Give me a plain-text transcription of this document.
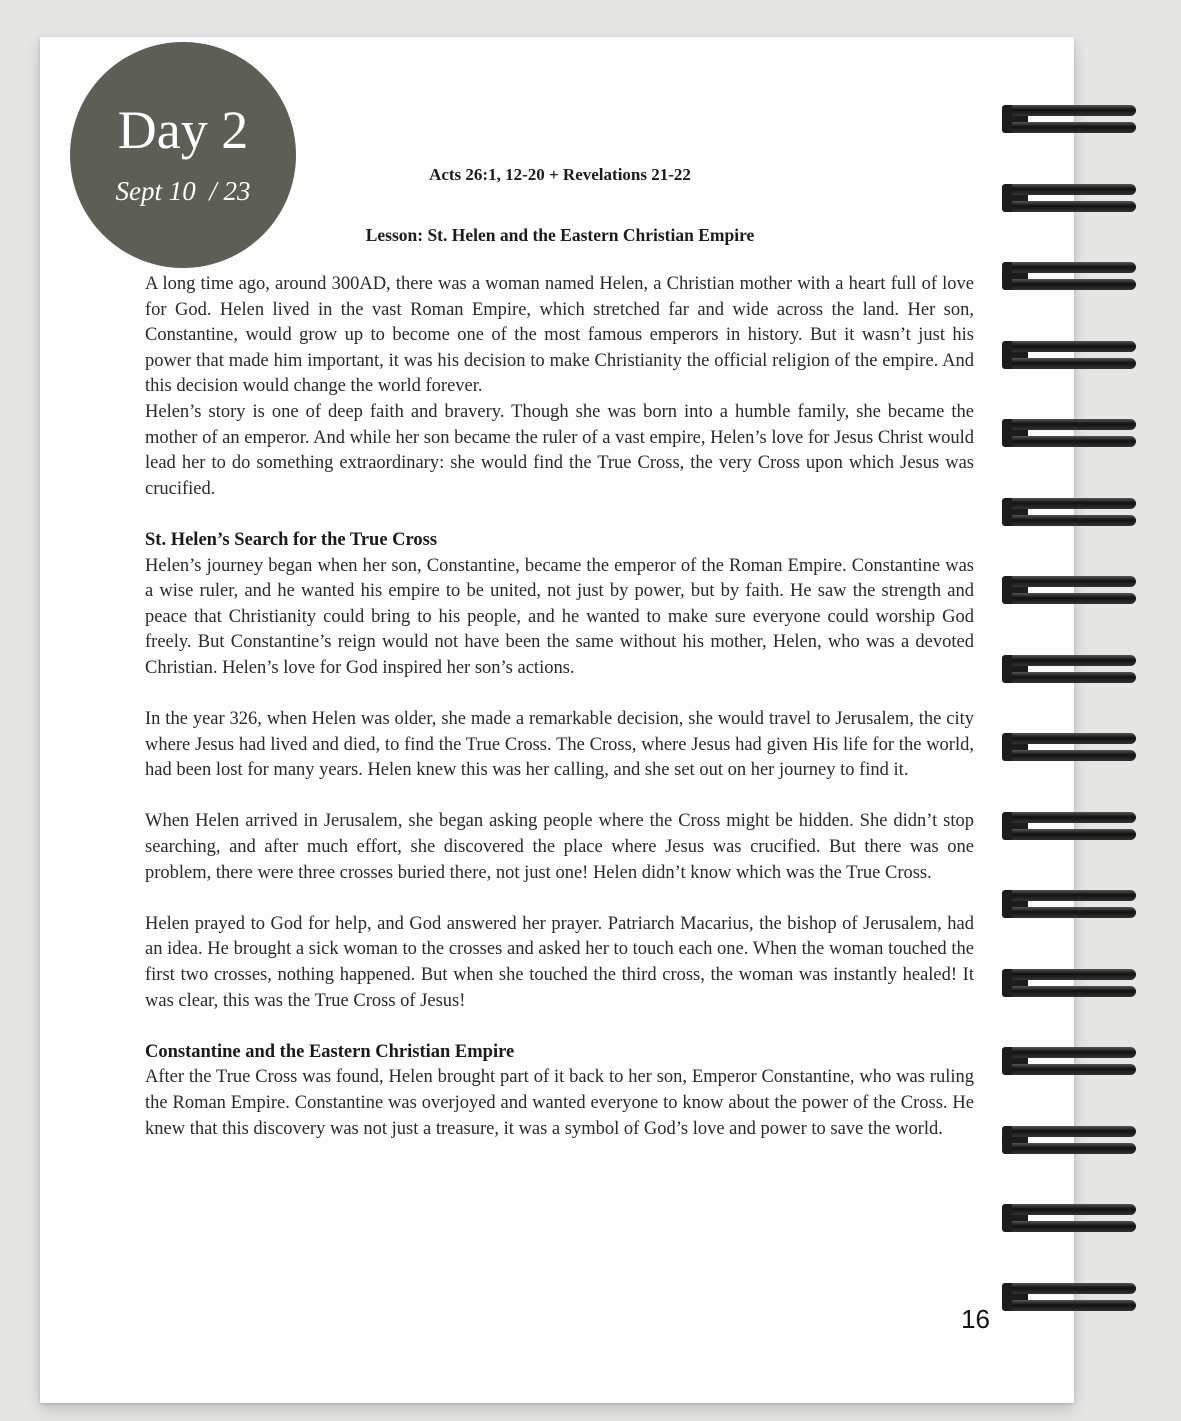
Day 2
Sept 10  / 23
Acts 26:1, 12-20 + Revelations 21-22
Lesson: St. Helen and the Eastern Christian Empire

A long time ago, around 300AD, there was a woman named Helen, a Christian mother with a heart full of love for God. Helen lived in the vast Roman Empire, which stretched far and wide across the land. Her son, Constantine, would grow up to become one of the most famous emperors in history. But it wasn’t just his power that made him important, it was his decision to make Christianity the official religion of the empire. And this decision would change the world forever.

Helen’s story is one of deep faith and bravery. Though she was born into a humble family, she became the mother of an emperor. And while her son became the ruler of a vast empire, Helen’s love for Jesus Christ would lead her to do something extraordinary: she would find the True Cross, the very Cross upon which Jesus was crucified.

St. Helen’s Search for the True Cross

Helen’s journey began when her son, Constantine, became the emperor of the Roman Empire. Constantine was a wise ruler, and he wanted his empire to be united, not just by power, but by faith. He saw the strength and peace that Christianity could bring to his people, and he wanted to make sure everyone could worship God freely. But Constantine’s reign would not have been the same without his mother, Helen, who was a devoted Christian. Helen’s love for God inspired her son’s actions.

In the year 326, when Helen was older, she made a remarkable decision, she would travel to Jerusalem, the city where Jesus had lived and died, to find the True Cross. The Cross, where Jesus had given His life for the world, had been lost for many years. Helen knew this was her calling, and she set out on her journey to find it.

When Helen arrived in Jerusalem, she began asking people where the Cross might be hidden. She didn’t stop searching, and after much effort, she discovered the place where Jesus was crucified. But there was one problem, there were three crosses buried there, not just one! Helen didn’t know which was the True Cross.

Helen prayed to God for help, and God answered her prayer. Patriarch Macarius, the bishop of Jerusalem, had an idea. He brought a sick woman to the crosses and asked her to touch each one. When the woman touched the first two crosses, nothing happened. But when she touched the third cross, the woman was instantly healed! It was clear, this was the True Cross of Jesus!

Constantine and the Eastern Christian Empire

After the True Cross was found, Helen brought part of it back to her son, Emperor Constantine, who was ruling the Roman Empire. Constantine was overjoyed and wanted everyone to know about the power of the Cross. He knew that this discovery was not just a treasure, it was a symbol of God’s love and power to save the world.

16
